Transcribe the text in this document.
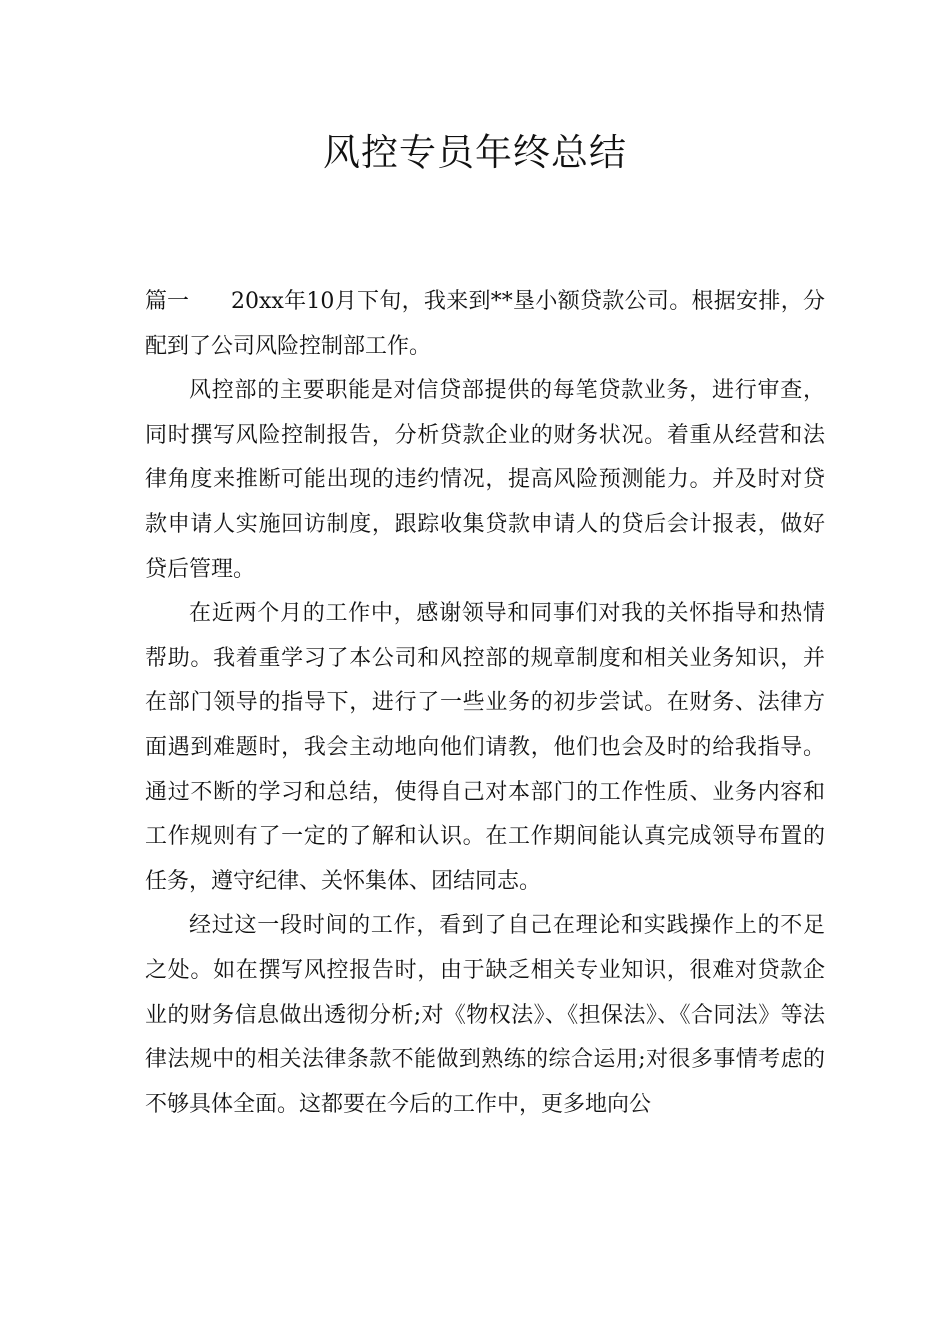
风控专员年终总结

篇一 20xx年10月下旬，我来到**垦小额贷款公司。根据安排，分配到了公司风险控制部工作。

风控部的主要职能是对信贷部提供的每笔贷款业务，进行审查，同时撰写风险控制报告，分析贷款企业的财务状况。着重从经营和法律角度来推断可能出现的违约情况，提高风险预测能力。并及时对贷款申请人实施回访制度，跟踪收集贷款申请人的贷后会计报表，做好贷后管理。

在近两个月的工作中，感谢领导和同事们对我的关怀指导和热情帮助。我着重学习了本公司和风控部的规章制度和相关业务知识，并在部门领导的指导下，进行了一些业务的初步尝试。在财务、法律方面遇到难题时，我会主动地向他们请教，他们也会及时的给我指导。通过不断的学习和总结，使得自己对本部门的工作性质、业务内容和工作规则有了一定的了解和认识。在工作期间能认真完成领导布置的任务，遵守纪律、关怀集体、团结同志。

经过这一段时间的工作，看到了自己在理论和实践操作上的不足之处。如在撰写风控报告时，由于缺乏相关专业知识，很难对贷款企业的财务信息做出透彻分析;对《物权法》、《担保法》、《合同法》等法律法规中的相关法律条款不能做到熟练的综合运用;对很多事情考虑的不够具体全面。这都要在今后的工作中，更多地向公
